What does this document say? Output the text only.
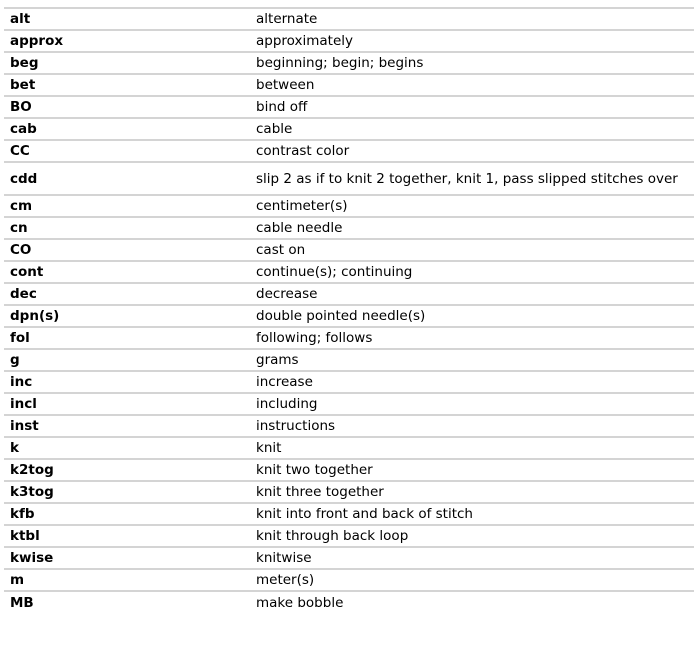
alt	alternate
approx	approximately
beg	beginning; begin; begins
bet	between
BO	bind off
cab	cable
CC	contrast color
cdd	slip 2 as if to knit 2 together, knit 1, pass slipped stitches over
cm	centimeter(s)
cn	cable needle
CO	cast on
cont	continue(s); continuing
dec	decrease
dpn(s)	double pointed needle(s)
fol	following; follows
g	grams
inc	increase
incl	including
inst	instructions
k	knit
k2tog	knit two together
k3tog	knit three together
kfb	knit into front and back of stitch
ktbl	knit through back loop
kwise	knitwise
m	meter(s)
MB	make bobble
